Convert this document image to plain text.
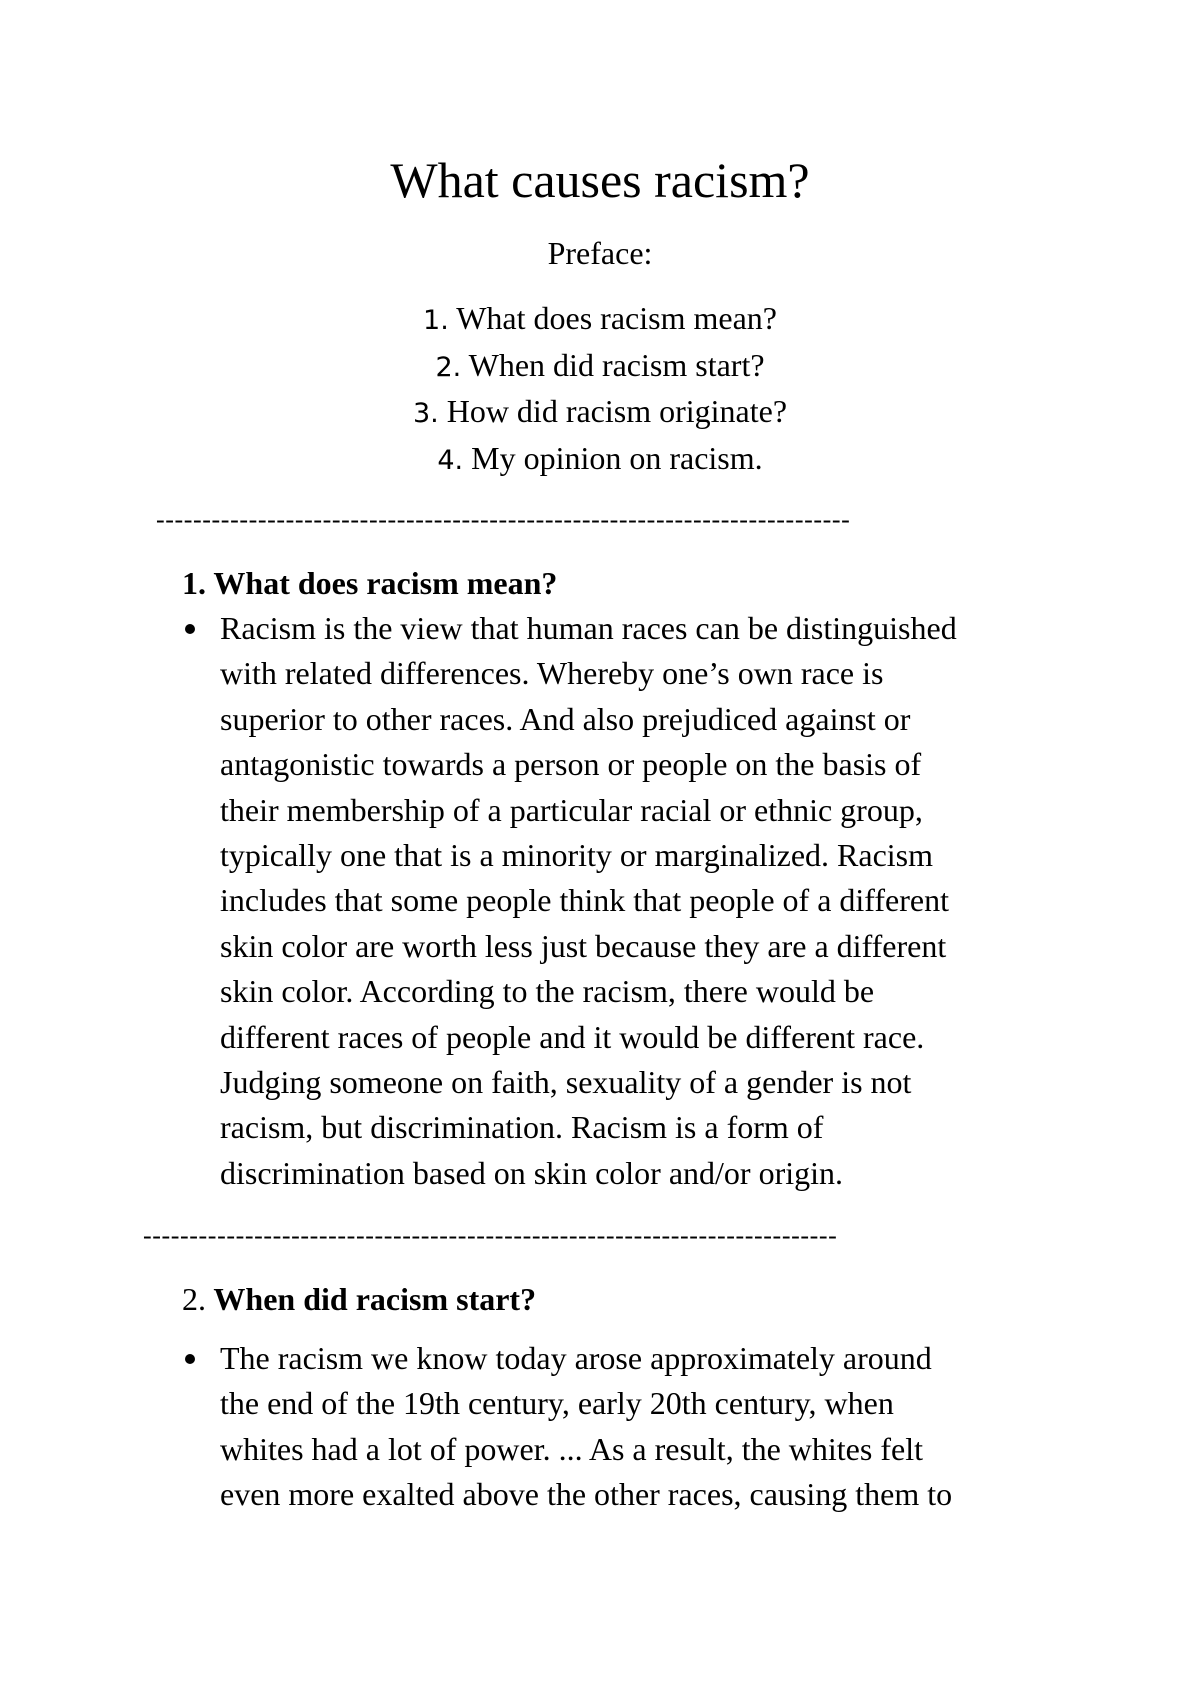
What causes racism?
Preface:
1. What does racism mean?
2. When did racism start?
3. How did racism originate?
4. My opinion on racism.
---------------------------------------------------------------------------
1. What does racism mean?

Racism is the view that human races can be distinguished
with related differences. Whereby one’s own race is
superior to other races. And also prejudiced against or
antagonistic towards a person or people on the basis of
their membership of a particular racial or ethnic group,
typically one that is a minority or marginalized. Racism
includes that some people think that people of a different
skin color are worth less just because they are a different
skin color. According to the racism, there would be
different races of people and it would be different race.
Judging someone on faith, sexuality of a gender is not
racism, but discrimination. Racism is a form of
discrimination based on skin color and/or origin.

---------------------------------------------------------------------------
2. When did racism start?

The racism we know today arose approximately around
the end of the 19th century, early 20th century, when
whites had a lot of power. ... As a result, the whites felt
even more exalted above the other races, causing them to
